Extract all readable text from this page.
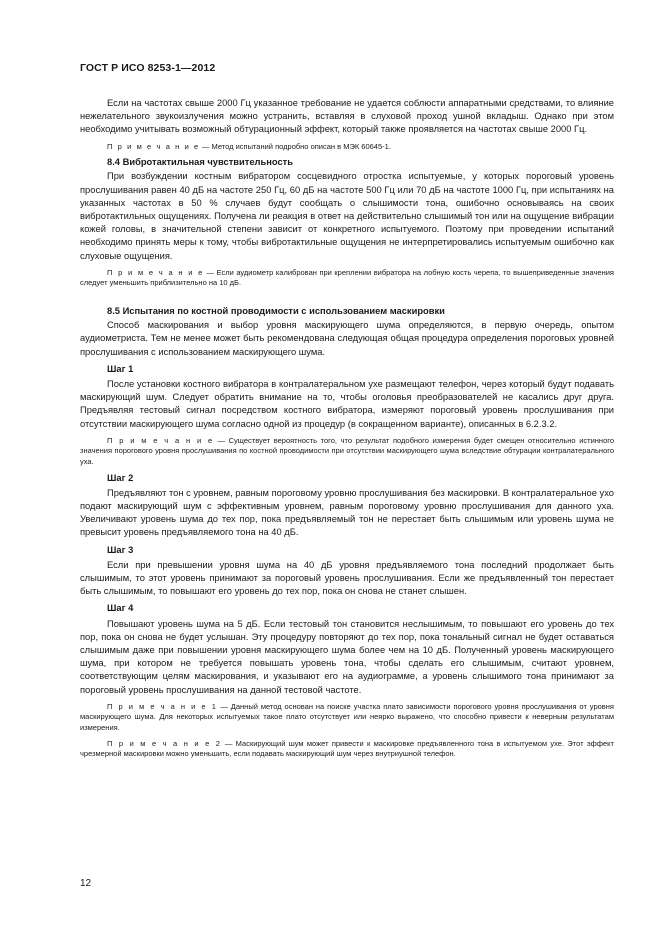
ГОСТ Р ИСО 8253-1—2012

Если на частотах свыше 2000 Гц указанное требование не удается соблюсти аппаратными средствами, то влияние нежелательного звукоизлучения можно устранить, вставляя в слуховой проход ушной вкладыш. Однако при этом необходимо учитывать возможный обтурационный эффект, который также проявляется на частотах свыше 2000 Гц.

П р и м е ч а н и е — Метод испытаний подробно описан в МЭК 60645-1.

8.4 Вибротактильная чувствительность

При возбуждении костным вибратором сосцевидного отростка испытуемые, у которых пороговый уровень прослушивания равен 40 дБ на частоте 250 Гц, 60 дБ на частоте 500 Гц или 70 дБ на частоте 1000 Гц, при испытаниях на указанных частотах в 50 % случаев будут сообщать о слышимости тона, ошибочно основываясь на своих вибротактильных ощущениях. Получена ли реакция в ответ на действительно слышимый тон или на ощущение вибрации кожей головы, в значительной степени зависит от конкретного испытуемого. Поэтому при проведении испытаний необходимо принять меры к тому, чтобы вибротактильные ощущения не интерпретировались испытуемым ошибочно как слуховые ощущения.

П р и м е ч а н и е — Если аудиометр калиброван при креплении вибратора на лобную кость черепа, то вышеприведенные значения следует уменьшить приблизительно на 10 дБ.

8.5 Испытания по костной проводимости с использованием маскировки

Способ маскирования и выбор уровня маскирующего шума определяются, в первую очередь, опытом аудиометриста. Тем не менее может быть рекомендована следующая общая процедура определения пороговых уровней прослушивания с использованием маскирующего шума.

Шаг 1

После установки костного вибратора в контралатеральном ухе размещают телефон, через который будут подавать маскирующий шум. Следует обратить внимание на то, чтобы оголовья преобразователей не касались друг друга. Предъявляя тестовый сигнал посредством костного вибратора, измеряют пороговый уровень прослушивания при отсутствии маскирующего шума согласно одной из процедур (в сокращенном варианте), описанных в 6.2.3.2.

П р и м е ч а н и е — Существует вероятность того, что результат подобного измерения будет смещен относительно истинного значения порогового уровня прослушивания по костной проводимости при отсутствии маскирующего шума вследствие обтурации контралатерального уха.

Шаг 2

Предъявляют тон с уровнем, равным пороговому уровню прослушивания без маскировки. В контралатеральное ухо подают маскирующий шум с эффективным уровнем, равным пороговому уровню прослушивания для данного уха. Увеличивают уровень шума до тех пор, пока предъявляемый тон не перестает быть слышимым или уровень шума не превысит уровень предъявляемого тона на 40 дБ.

Шаг 3

Если при превышении уровня шума на 40 дБ уровня предъявляемого тона последний продолжает быть слышимым, то этот уровень принимают за пороговый уровень прослушивания. Если же предъявленный тон перестает быть слышимым, то повышают его уровень до тех пор, пока он снова не станет слышен.

Шаг 4

Повышают уровень шума на 5 дБ. Если тестовый тон становится неслышимым, то повышают его уровень до тех пор, пока он снова не будет услышан. Эту процедуру повторяют до тех пор, пока тональный сигнал не будет оставаться слышимым даже при повышении уровня маскирующего шума более чем на 10 дБ. Полученный уровень маскирующего шума, при котором не требуется повышать уровень тона, чтобы сделать его слышимым, считают уровнем, соответствующим целям маскирования, и указывают его на аудиограмме, а уровень слышимого тона принимают за пороговый уровень прослушивания на данной тестовой частоте.

П р и м е ч а н и е 1 — Данный метод основан на поиске участка плато зависимости порогового уровня прослушивания от уровня маскирующего шума. Для некоторых испытуемых такое плато отсутствует или неярко выражено, что способно привести к неверным результатам измерения.

П р и м е ч а н и е 2 — Маскирующий шум может привести к маскировке предъявленного тона в испытуемом ухе. Этот эффект чрезмерной маскировки можно уменьшить, если подавать маскирующий шум через внутриушной телефон.

12
